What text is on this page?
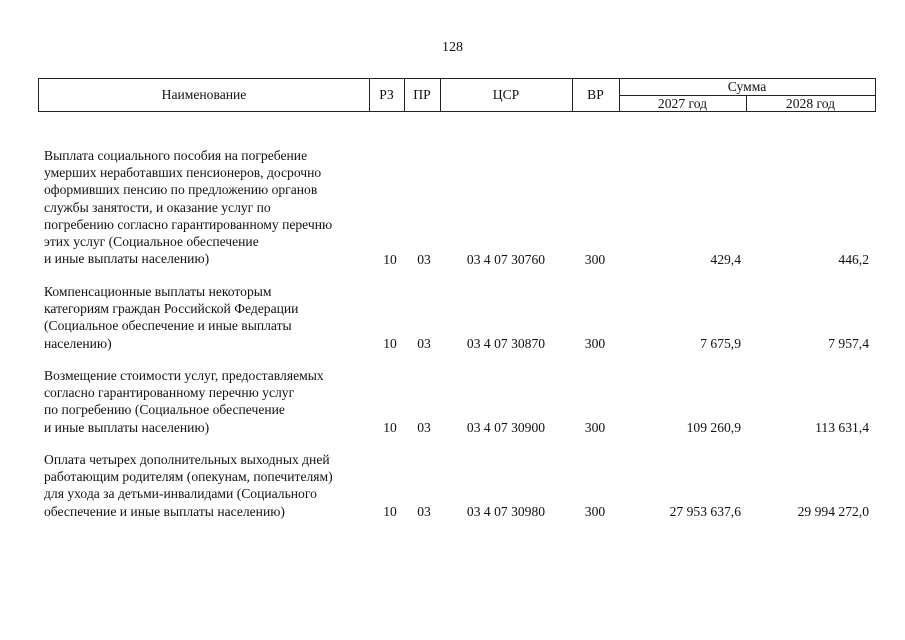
128
Наименование	РЗ	ПР	ЦСР	ВР
Сумма
2027 год	2028 год
Выплата социального пособия на погребение
умерших неработавших пенсионеров, досрочно
оформивших пенсию по предложению органов
службы занятости, и оказание услуг по
погребению согласно гарантированному перечню
этих услуг (Социальное обеспечение
и иные выплаты населению)	10	03	03 4 07 30760	300	429,4	446,2
Компенсационные выплаты некоторым
категориям граждан Российской Федерации
(Социальное обеспечение и иные выплаты
населению)	10	03	03 4 07 30870	300	7 675,9	7 957,4
Возмещение стоимости услуг, предоставляемых
согласно гарантированному перечню услуг
по погребению (Социальное обеспечение
и иные выплаты населению)	10	03	03 4 07 30900	300	109 260,9	113 631,4
Оплата четырех дополнительных выходных дней
работающим родителям (опекунам, попечителям)
для ухода за детьми-инвалидами (Социального
обеспечение и иные выплаты населению)	10	03	03 4 07 30980	300	27 953 637,6	29 994 272,0
